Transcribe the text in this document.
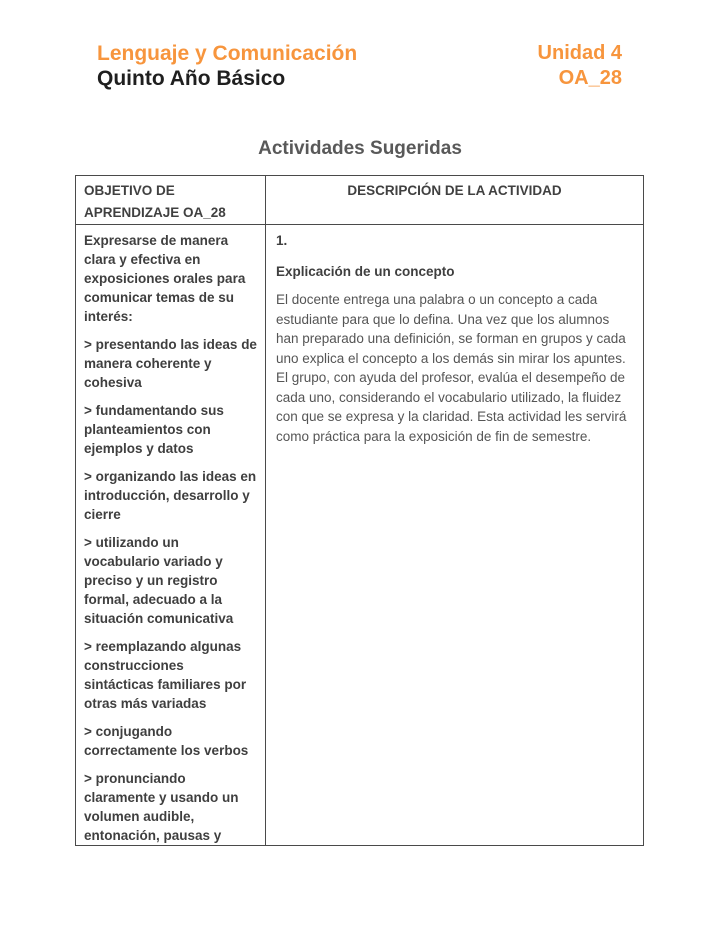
Lenguaje y Comunicación
Quinto Año Básico
Unidad 4
OA_28
Actividades Sugeridas
OBJETIVO DE APRENDIZAJE OA_28
DESCRIPCIÓN DE LA ACTIVIDAD

Expresarse de manera clara y efectiva en exposiciones orales para comunicar temas de su interés:

> presentando las ideas de manera coherente y cohesiva

> fundamentando sus planteamientos con ejemplos y datos

> organizando las ideas en introducción, desarrollo y cierre

> utilizando un vocabulario variado y preciso y un registro formal, adecuado a la situación comunicativa

> reemplazando algunas construcciones sintácticas familiares por otras más variadas

> conjugando correctamente los verbos

> pronunciando claramente y usando un volumen audible, entonación, pausas y

1.

Explicación de un concepto

El docente entrega una palabra o un concepto a cada estudiante para que lo defina. Una vez que los alumnos han preparado una definición, se forman en grupos y cada uno explica el concepto a los demás sin mirar los apuntes. El grupo, con ayuda del profesor, evalúa el desempeño de cada uno, considerando el vocabulario utilizado, la fluidez con que se expresa y la claridad. Esta actividad les servirá como práctica para la exposición de fin de semestre.
